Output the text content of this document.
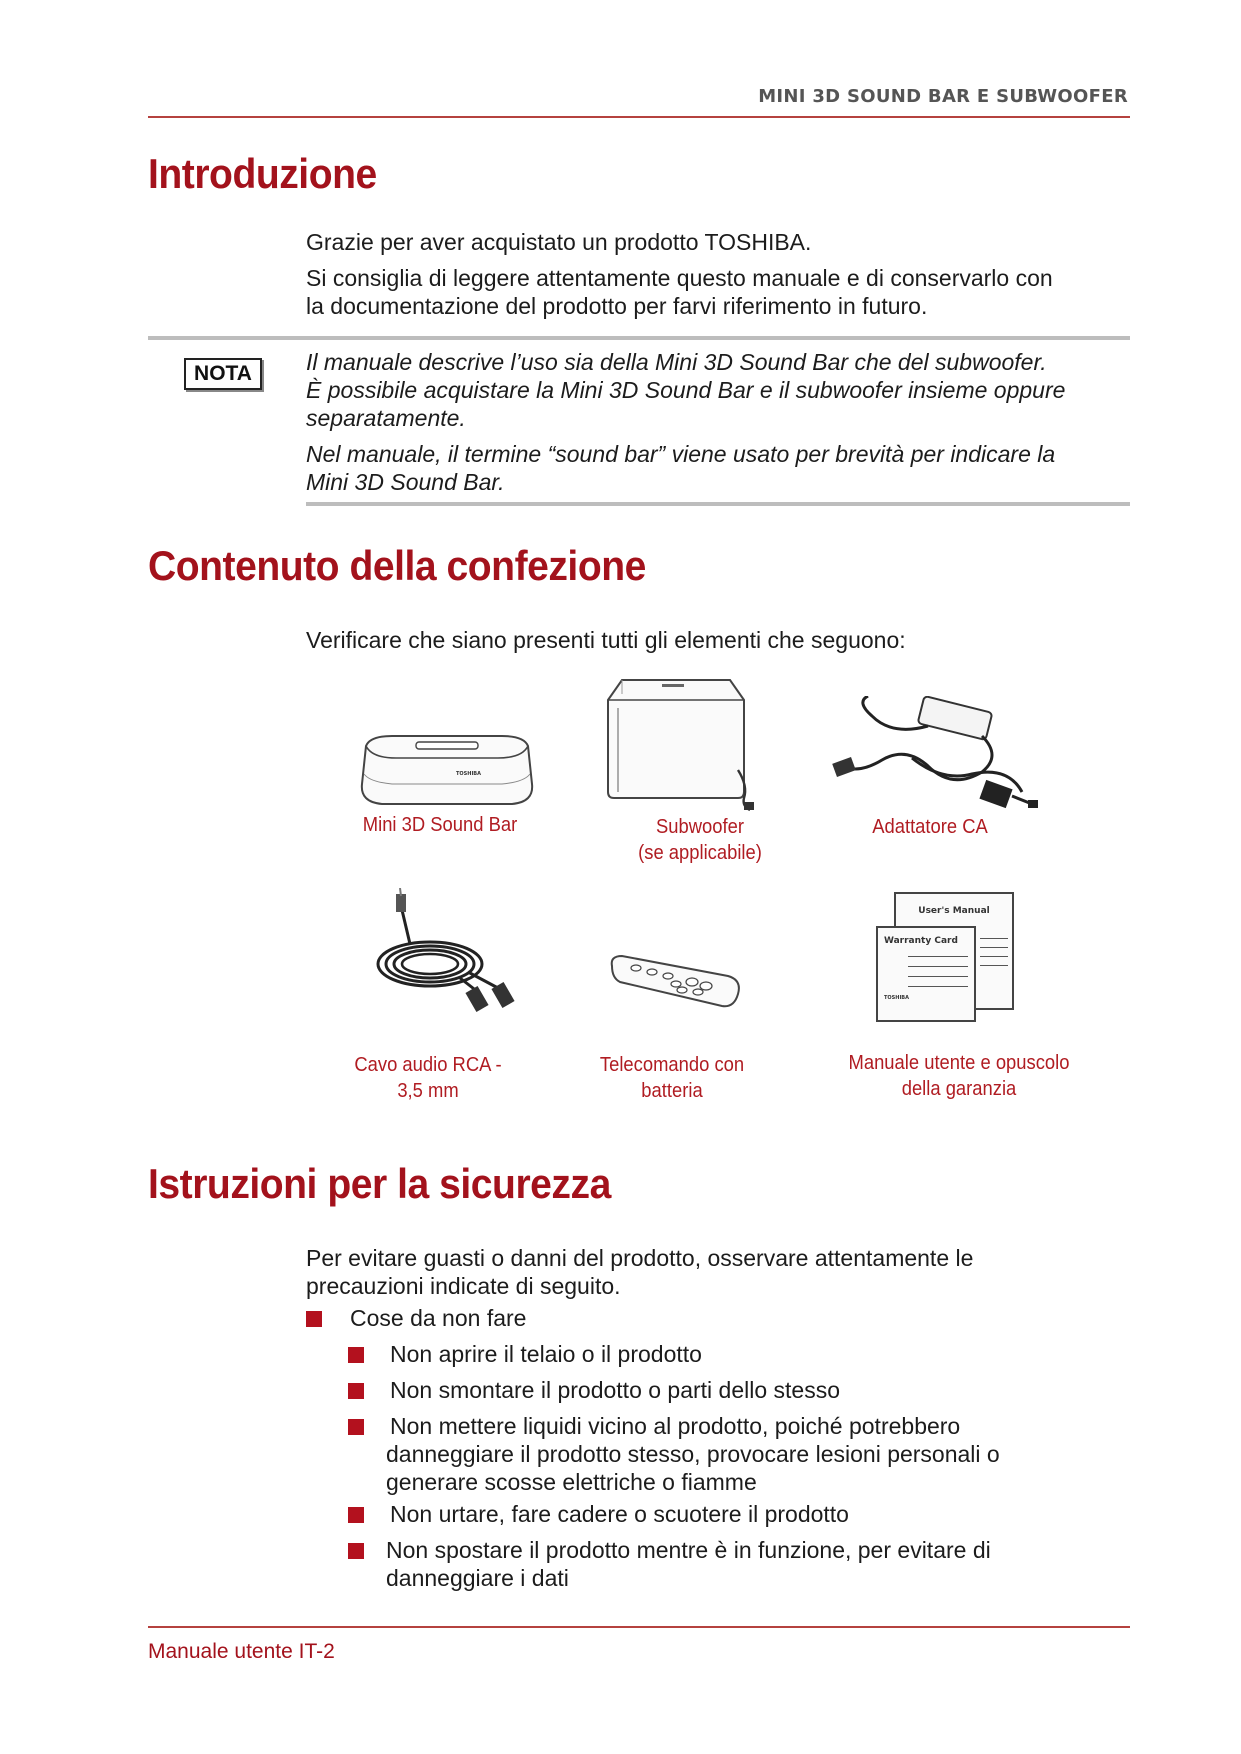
MINI 3D SOUND BAR E SUBWOOFER
Introduzione

Grazie per aver acquistato un prodotto TOSHIBA.

Si consiglia di leggere attentamente questo manuale e di conservarlo con
la documentazione del prodotto per farvi riferimento in futuro.
NOTA	Il manuale descrive l’uso sia della Mini 3D Sound Bar che del subwoofer.
È possibile acquistare la Mini 3D Sound Bar e il subwoofer insieme oppure
separatamente.
Nel manuale, il termine “sound bar” viene usato per brevità per indicare la
Mini 3D Sound Bar.
Contenuto della confezione
Verificare che siano presenti tutti gli elementi che seguono:
TOSHIBA
Mini 3D Sound Bar	Subwoofer
(se applicabile)
Adattatore CA
Cavo audio RCA -
3,5 mm
Telecomando con
batteria
User's Manual
Warranty Card
TOSHIBA
Manuale utente e opuscolo
della garanzia
Istruzioni per la sicurezza
Per evitare guasti o danni del prodotto, osservare attentamente le
precauzioni indicate di seguito.
Cose da non fare
Non aprire il telaio o il prodotto
Non smontare il prodotto o parti dello stesso
Non mettere liquidi vicino al prodotto, poiché potrebbero
danneggiare il prodotto stesso, provocare lesioni personali o
generare scosse elettriche o fiamme
Non urtare, fare cadere o scuotere il prodotto
Non spostare il prodotto mentre è in funzione, per evitare di
danneggiare i dati
Manuale utente IT-2
